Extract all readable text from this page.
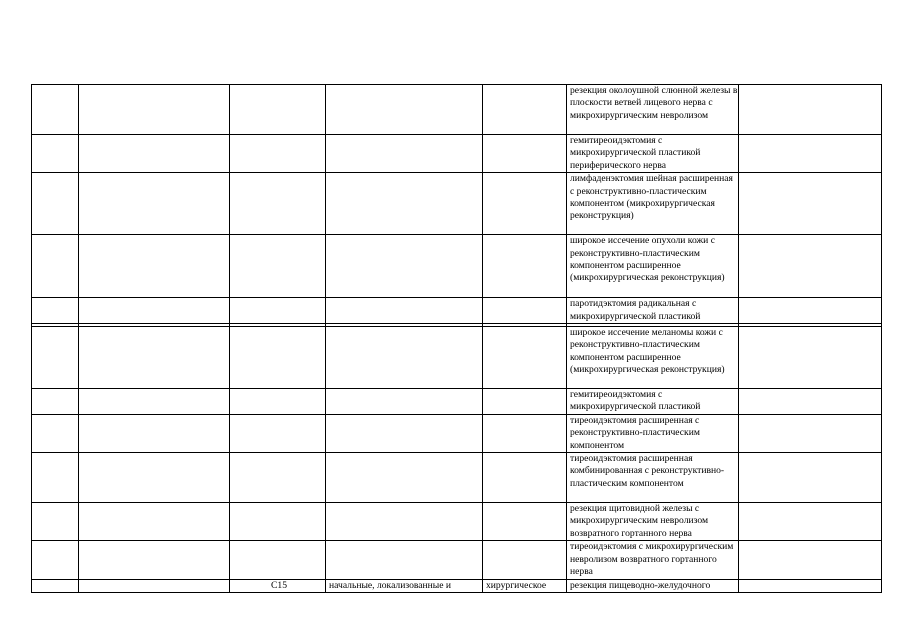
					резекция околоушной слюнной железы в плоскости ветвей лицевого нерва с микрохирургическим невролизом	
					гемитиреоидэктомия с микрохирургической пластикой периферического нерва	
					лимфаденэктомия шейная расширенная с реконструктивно-пластическим компонентом (микрохирургическая реконструкция)	
					широкое иссечение опухоли кожи с реконструктивно-пластическим компонентом расширенное (микрохирургическая реконструкция)	
					паротидэктомия радикальная с микрохирургической пластикой	

					широкое иссечение меланомы кожи с реконструктивно-пластическим компонентом расширенное (микрохирургическая реконструкция)	
					гемитиреоидэктомия с микрохирургической пластикой	
					тиреоидэктомия расширенная с реконструктивно-пластическим компонентом	
					тиреоидэктомия расширенная комбинированная с реконструктивно-пластическим компонентом	
					резекция щитовидной железы с микрохирургическим невролизом возвратного гортанного нерва	
					тиреоидэктомия с микрохирургическим невролизом возвратного гортанного нерва	
		С15	начальные, локализованные и	хирургическое	резекция пищеводно-желудочного	
